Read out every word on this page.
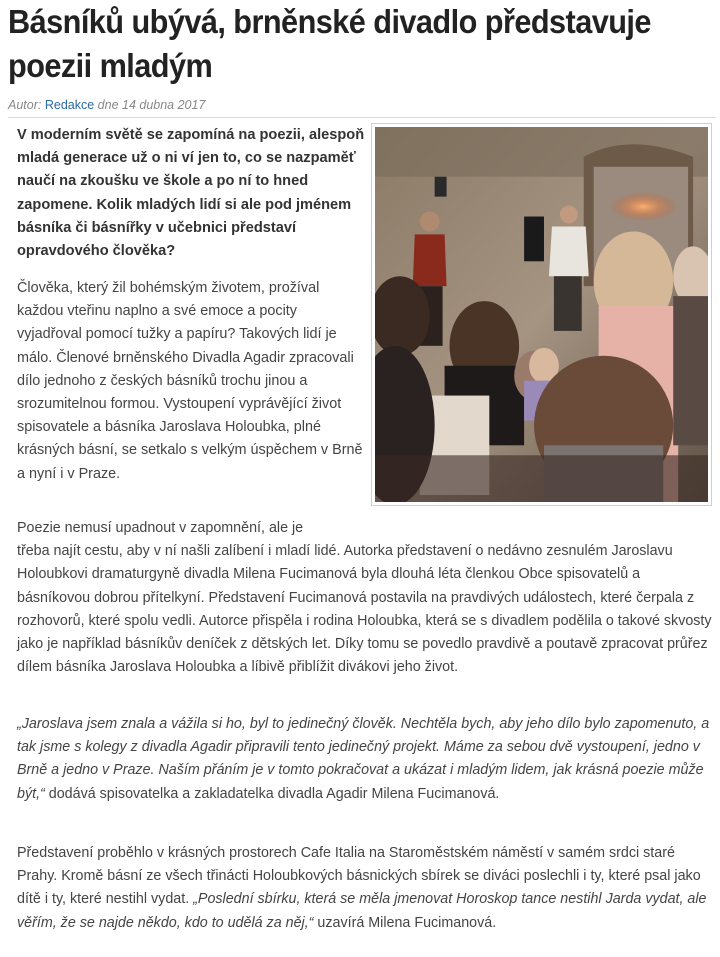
Básníků ubývá, brněnské divadlo představuje poezii mladým
Autor: Redakce dne 14 dubna 2017

V moderním světě se zapomíná na poezii, alespoň mladá generace už o ni ví jen to, co se nazpaměť naučí na zkoušku ve škole a po ní to hned zapomene. Kolik mladých lidí si ale pod jménem básníka či básnířky v učebnici představí opravdového člověka?

Člověka, který žil bohémským životem, prožíval každou vteřinu naplno a své emoce a pocity vyjadřoval pomocí tužky a papíru? Takových lidí je málo. Členové brněnského Divadla Agadir zpracovali dílo jednoho z českých básníků trochu jinou a srozumitelnou formou. Vystoupení vyprávějící život spisovatele a básníka Jaroslava Holoubka, plné krásných básní, se setkalo s velkým úspěchem v Brně a nyní i v Praze.

Poezie nemusí upadnout v zapomnění, ale je
třeba najít cestu, aby v ní našli zalíbení i mladí lidé. Autorka představení o nedávno zesnulém Jaroslavu Holoubkovi dramaturgyně divadla Milena Fucimanová byla dlouhá léta členkou Obce spisovatelů a básníkovou dobrou přítelkyní. Představení Fucimanová postavila na pravdivých událostech, které čerpala z rozhovorů, které spolu vedli. Autorce přispěla i rodina Holoubka, která se s divadlem podělila o takové skvosty jako je například básníkův deníček z dětských let. Díky tomu se povedlo pravdivě a poutavě zpracovat průřez dílem básníka Jaroslava Holoubka a líbivě přiblížit divákovi jeho život.

„Jaroslava jsem znala a vážila si ho, byl to jedinečný člověk. Nechtěla bych, aby jeho dílo bylo zapomenuto, a tak jsme s kolegy z divadla Agadir připravili tento jedinečný projekt. Máme za sebou dvě vystoupení, jedno v Brně a jedno v Praze. Naším přáním je v tomto pokračovat a ukázat i mladým lidem, jak krásná poezie může být,“ dodává spisovatelka a zakladatelka divadla Agadir Milena Fucimanová.

Představení proběhlo v krásných prostorech Cafe Italia na Staroměstském náměstí v samém srdci staré Prahy. Kromě básní ze všech třinácti Holoubkových básnických sbírek se diváci poslechli i ty, které psal jako dítě i ty, které nestihl vydat. „Poslední sbírku, která se měla jmenovat Horoskop tance nestihl Jarda vydat, ale věřím, že se najde někdo, kdo to udělá za něj,“ uzavírá Milena Fucimanová.
